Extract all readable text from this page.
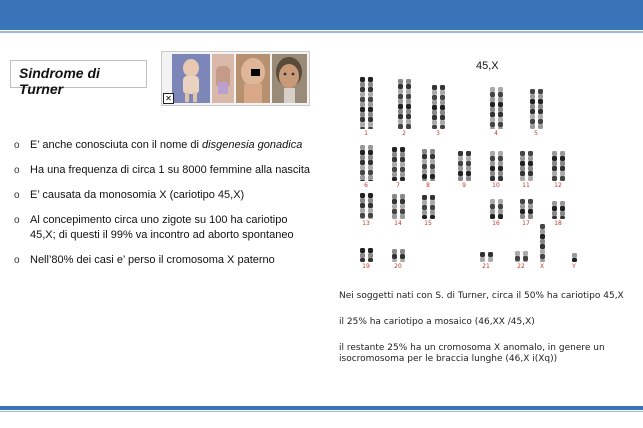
Sindrome di Turner
✕
o E’ anche conosciuta con il nome di disgenesia gonadica
o Ha una frequenza di circa 1 su 8000 femmine alla nascita
o E’ causata da monosomia X (cariotipo 45,X)
o Al concepimento circa uno zigote su 100 ha cariotipo 45,X; di questi il 99% va incontro ad aborto spontaneo
o Nell’80% dei casi e’ perso il cromosoma X paterno
45,X
1	2	3	4	5
6	7	8	9	10	11	12
13	14	15	16	17	18
19	20	21	22	X	Y

Nei soggetti nati con S. di Turner, circa il 50% ha cariotipo 45,X

il 25% ha cariotipo a mosaico (46,XX /45,X)

il restante 25% ha un cromosoma X anomalo, in genere un isocromosoma per le braccia lunghe (46,X i(Xq))
